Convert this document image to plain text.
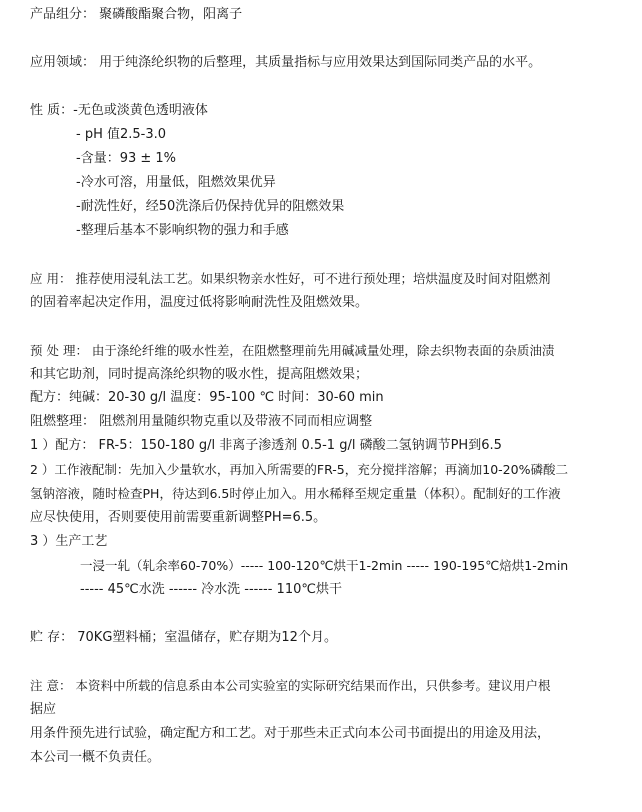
产品组分： 聚磷酸酯聚合物，阳离子
应用领域： 用于纯涤纶织物的后整理，其质量指标与应用效果达到国际同类产品的水平。
性 质：-无色或淡黄色透明液体
- pH 值2.5-3.0
-含量：93 ± 1%
-冷水可溶，用量低，阻燃效果优异
-耐洗性好，经50洗涤后仍保持优异的阻燃效果
-整理后基本不影响织物的强力和手感
应 用： 推荐使用浸轧法工艺。如果织物亲水性好，可不进行预处理；培烘温度及时间对阻燃剂
的固着率起决定作用，温度过低将影响耐洗性及阻燃效果。
预 处 理： 由于涤纶纤维的吸水性差，在阻燃整理前先用碱减量处理，除去织物表面的杂质油渍
和其它助剂，同时提高涤纶织物的吸水性，提高阻燃效果；
配方：纯碱：20-30 g/l 温度：95-100 ℃ 时间：30-60 min
阻燃整理： 阻燃剂用量随织物克重以及带液不同而相应调整
1 ）配方： FR-5：150-180 g/l 非离子渗透剂 0.5-1 g/l 磷酸二氢钠调节PH到6.5
2 ）工作液配制：先加入少量软水，再加入所需要的FR-5，充分搅拌溶解；再滴加10-20%磷酸二
氢钠溶液，随时检查PH，待达到6.5时停止加入。用水稀释至规定重量（体积）。配制好的工作液
应尽快使用，否则要使用前需要重新调整PH=6.5。
3 ）生产工艺
一浸一轧（轧余率60-70%）----- 100-120℃烘干1-2min ----- 190-195℃焙烘1-2min
----- 45℃水洗 ------ 冷水洗 ------ 110℃烘干
贮 存： 70KG塑料桶；室温储存，贮存期为12个月。
注 意： 本资料中所载的信息系由本公司实验室的实际研究结果而作出，只供参考。建议用户根
据应
用条件预先进行试验，确定配方和工艺。对于那些未正式向本公司书面提出的用途及用法，
本公司一概不负责任。
